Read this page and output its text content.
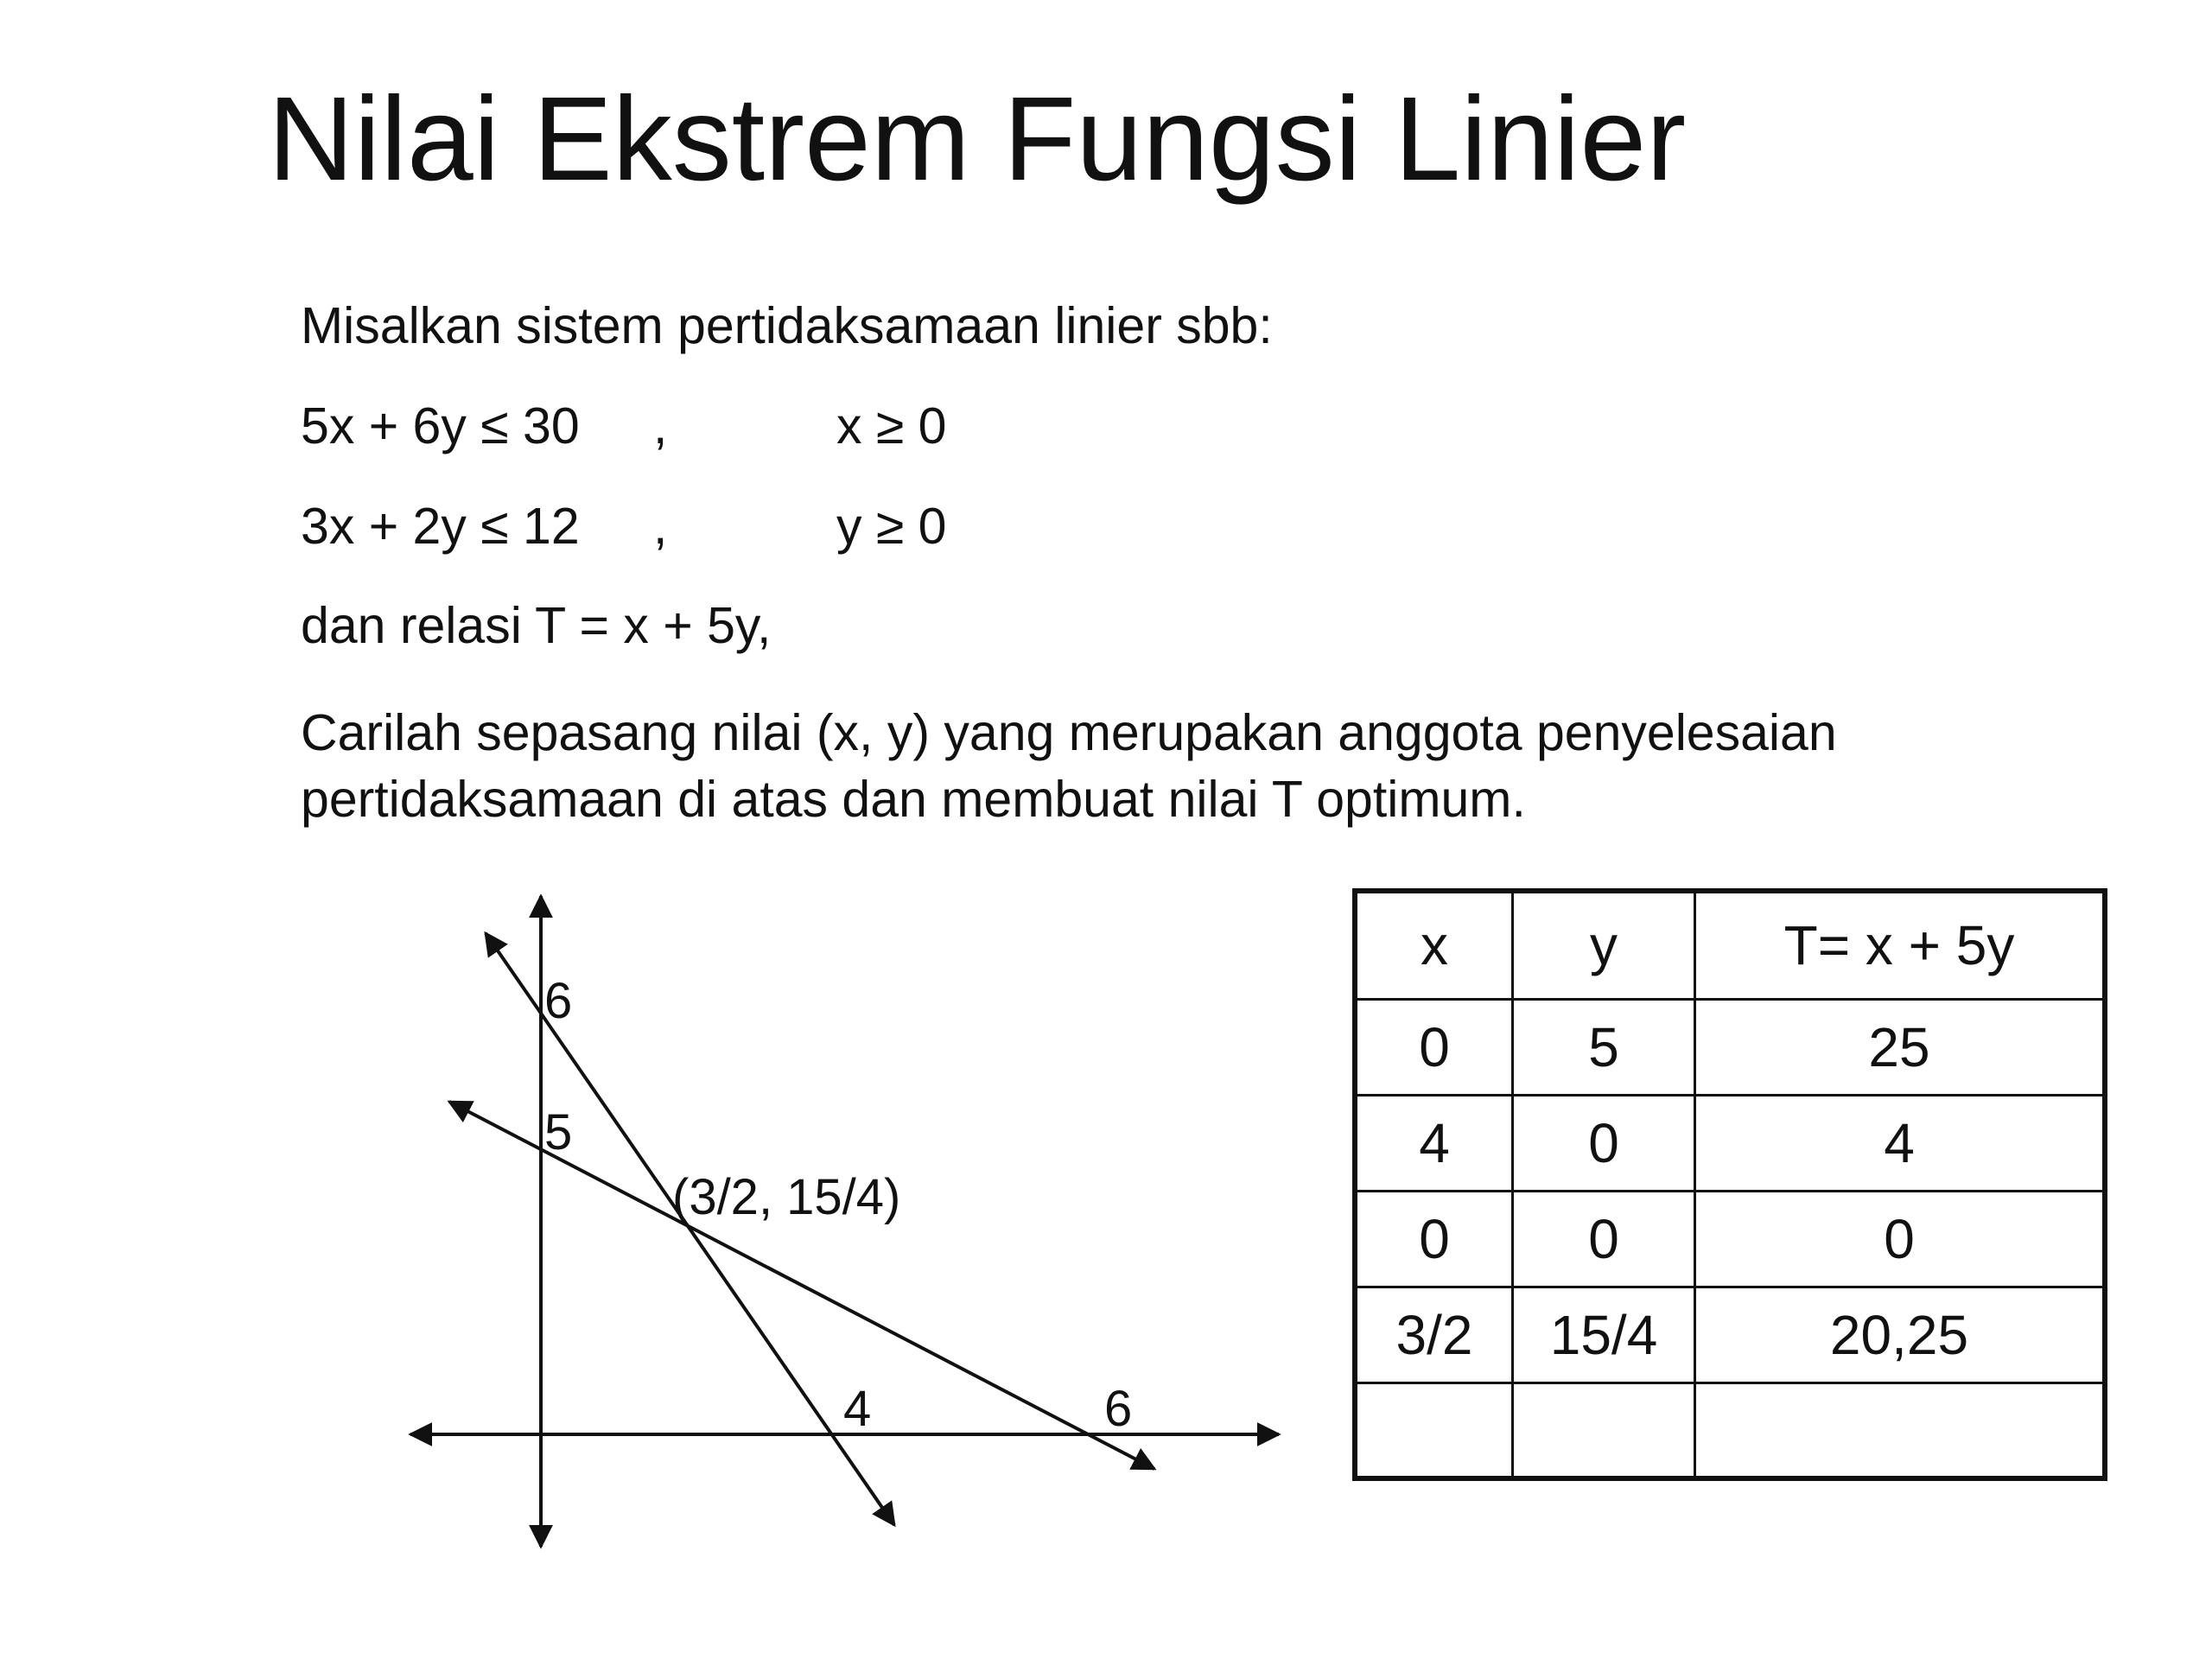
Nilai Ekstrem Fungsi Linier
Misalkan sistem pertidaksamaan linier sbb:
5x + 6y ≤ 30 ,	x ≥ 0
3x + 2y ≤ 12 ,	y ≥ 0
dan relasi T = x + 5y,
Carilah sepasang nilai (x, y) yang merupakan anggota penyelesaian
pertidaksamaan di atas dan membuat nilai T optimum.
6
5
4	6
(3/2, 15/4)
x	y	T= x + 5y
0	5	25
4	0	4
0	0	0
3/2	15/4	20,25
